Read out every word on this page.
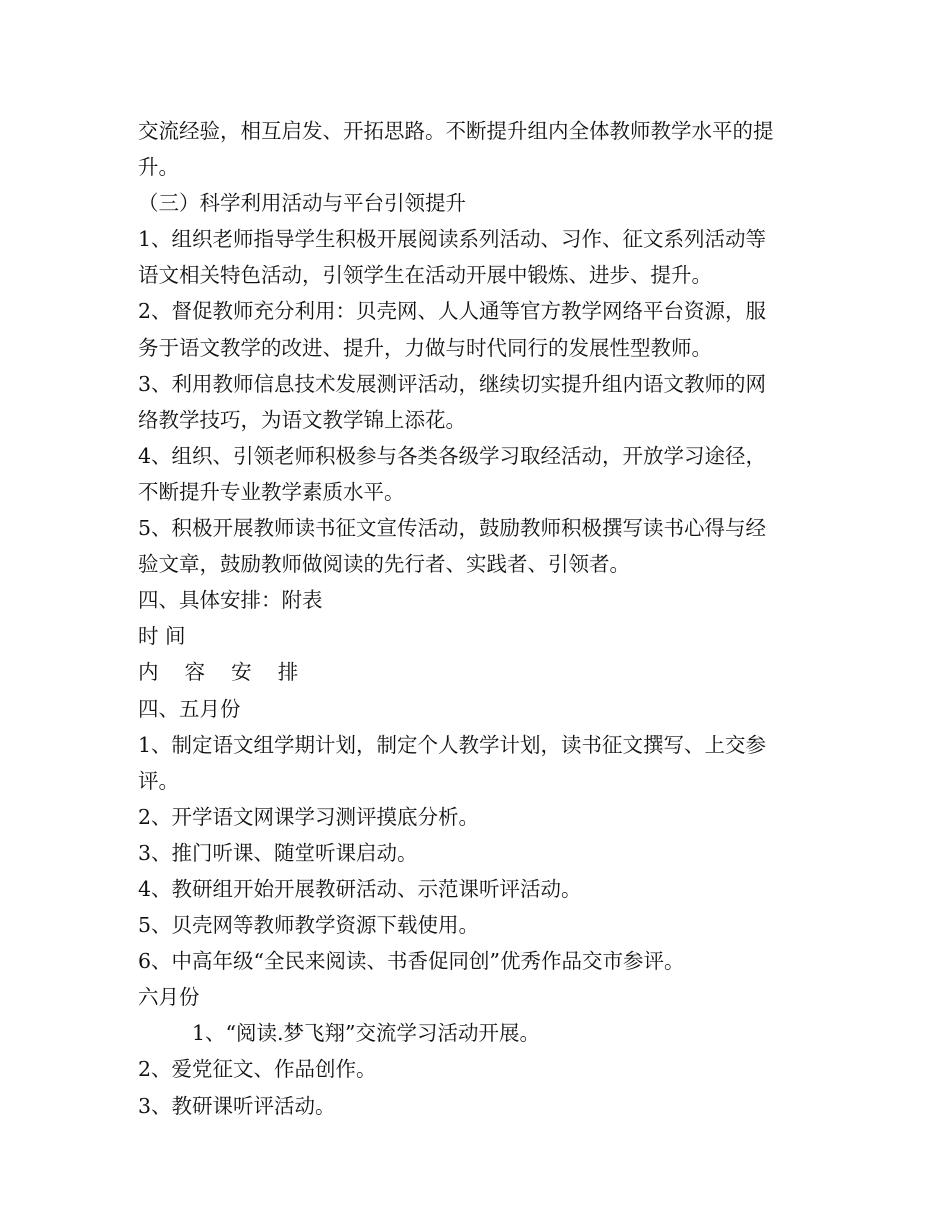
交流经验，相互启发、开拓思路。不断提升组内全体教师教学水平的提
升。
（三）科学利用活动与平台引领提升
1、组织老师指导学生积极开展阅读系列活动、习作、征文系列活动等
语文相关特色活动，引领学生在活动开展中锻炼、进步、提升。
2、督促教师充分利用：贝壳网、人人通等官方教学网络平台资源，服
务于语文教学的改进、提升，力做与时代同行的发展性型教师。
3、利用教师信息技术发展测评活动，继续切实提升组内语文教师的网
络教学技巧，为语文教学锦上添花。
4、组织、引领老师积极参与各类各级学习取经活动，开放学习途径，
不断提升专业教学素质水平。
5、积极开展教师读书征文宣传活动，鼓励教师积极撰写读书心得与经
验文章，鼓励教师做阅读的先行者、实践者、引领者。
四、具体安排：附表
时 间
内    容    安    排
四、五月份
1、制定语文组学期计划，制定个人教学计划，读书征文撰写、上交参
评。
2、开学语文网课学习测评摸底分析。
3、推门听课、随堂听课启动。
4、教研组开始开展教研活动、示范课听评活动。
5、贝壳网等教师教学资源下载使用。
6、中高年级“全民来阅读、书香促同创”优秀作品交市参评。
六月份
1、“阅读.梦飞翔”交流学习活动开展。
2、爱党征文、作品创作。
3、教研课听评活动。
